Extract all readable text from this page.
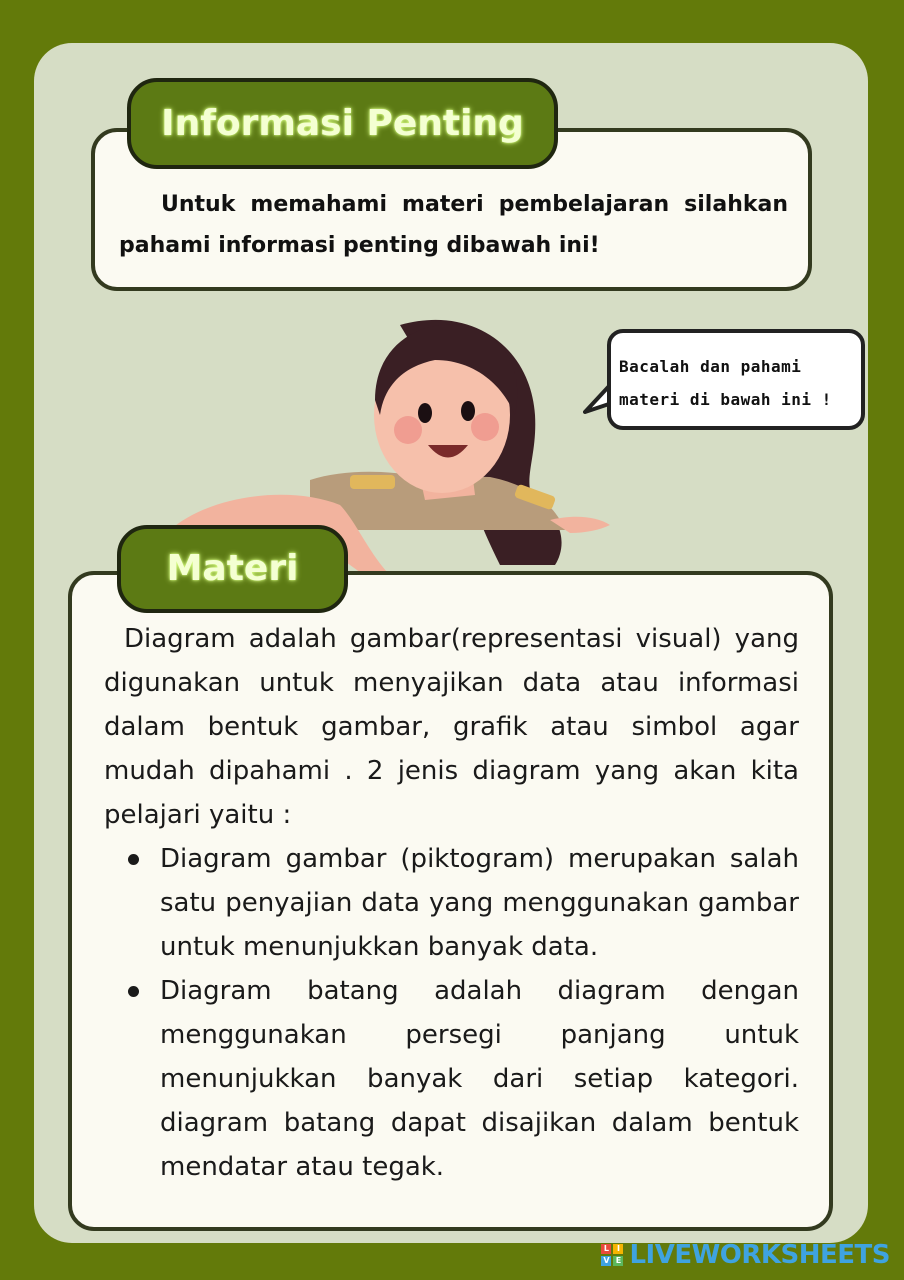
Untuk memahami materi pembelajaran silahkan pahami informasi penting dibawah ini!
Informasi Penting
Bacalah dan pahami
materi di bawah ini !

Diagram adalah gambar(representasi visual) yang digunakan untuk menyajikan data atau informasi dalam bentuk gambar, grafik atau simbol agar mudah dipahami . 2 jenis diagram yang akan kita pelajari yaitu :

Diagram gambar (piktogram) merupakan salah satu penyajian data yang menggunakan gambar untuk menunjukkan banyak data.
Diagram batang adalah diagram dengan menggunakan persegi panjang untuk menunjukkan banyak dari setiap kategori. diagram batang dapat disajikan dalam bentuk mendatar atau tegak.
Materi
L I
V E LIVEWORKSHEETS
